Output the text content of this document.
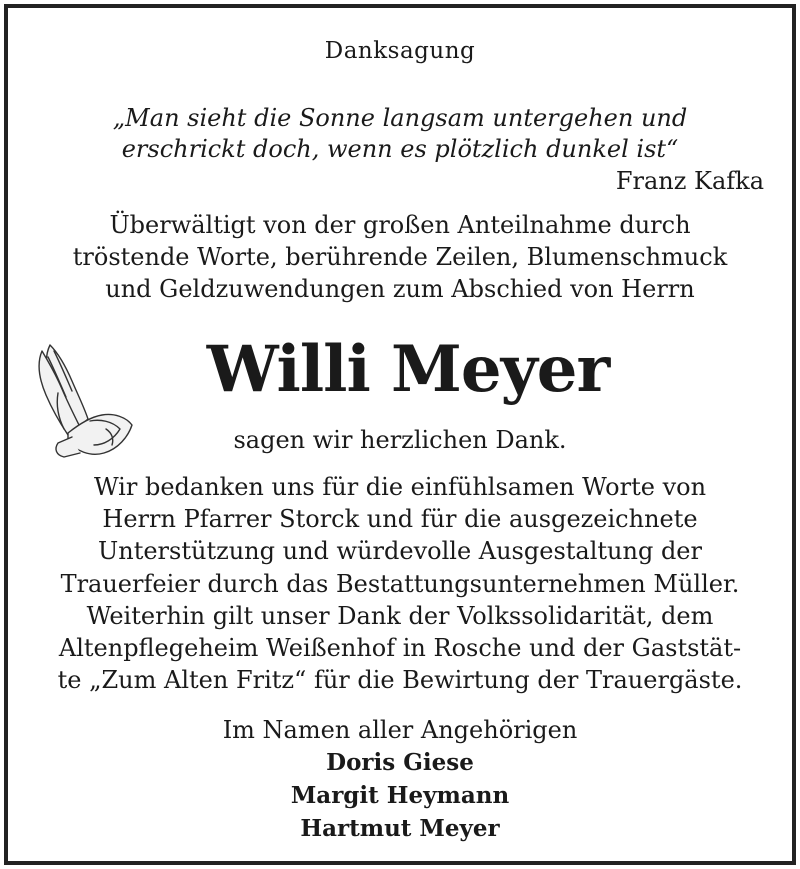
Danksagung
„Man sieht die Sonne langsam untergehen und
erschrickt doch, wenn es plötzlich dunkel ist“
Franz Kafka
Überwältigt von der großen Anteilnahme durch
tröstende Worte, berührende Zeilen, Blumenschmuck
und Geldzuwendungen zum Abschied von Herrn
Willi Meyer
sagen wir herzlichen Dank.
Wir bedanken uns für die einfühlsamen Worte von
Herrn Pfarrer Storck und für die ausgezeichnete
Unterstützung und würdevolle Ausgestaltung der
Trauerfeier durch das Bestattungsunternehmen Müller.
Weiterhin gilt unser Dank der Volkssolidarität, dem
Altenpflegeheim Weißenhof in Rosche und der Gaststät-
te „Zum Alten Fritz“ für die Bewirtung der Trauergäste.
Im Namen aller Angehörigen
Doris Giese
Margit Heymann
Hartmut Meyer
